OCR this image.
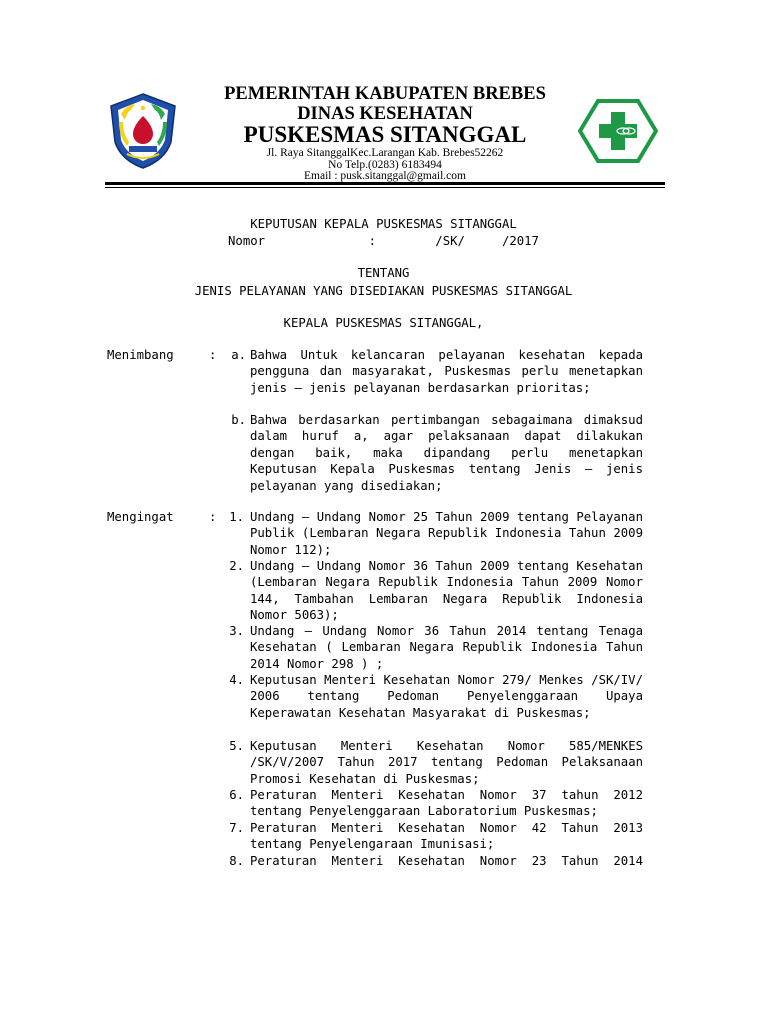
PEMERINTAH KABUPATEN BREBES
DINAS KESEHATAN
PUSKESMAS SITANGGAL
Jl. Raya SitanggalKec.Larangan Kab. Brebes52262
No Telp.(0283) 6183494
Email : pusk.sitanggal@gmail.com
KEPUTUSAN KEPALA PUSKESMAS SITANGGAL
Nomor              :        /SK/     /2017
TENTANG
JENIS PELAYANAN YANG DISEDIAKAN PUSKESMAS SITANGGAL
KEPALA PUSKESMAS SITANGGAL,
Menimbang	:	a. Bahwa Untuk kelancaran pelayanan kesehatan kepada pengguna dan masyarakat, Puskesmas perlu menetapkan jenis – jenis pelayanan berdasarkan prioritas;
b. Bahwa berdasarkan pertimbangan sebagaimana dimaksud dalam huruf a, agar pelaksanaan dapat dilakukan dengan baik, maka dipandang perlu menetapkan Keputusan Kepala Puskesmas tentang Jenis – jenis pelayanan yang disediakan;
Mengingat	:	1. Undang – Undang Nomor 25 Tahun 2009 tentang Pelayanan Publik (Lembaran Negara Republik Indonesia Tahun 2009 Nomor 112);
2. Undang – Undang Nomor 36 Tahun 2009 tentang Kesehatan (Lembaran Negara Republik Indonesia Tahun 2009 Nomor 144, Tambahan Lembaran Negara Republik Indonesia Nomor 5063);
3. Undang – Undang Nomor 36 Tahun 2014 tentang Tenaga Kesehatan ( Lembaran Negara Republik Indonesia Tahun 2014 Nomor 298 ) ;
4. Keputusan Menteri Kesehatan Nomor 279/ Menkes /SK/IV/ 2006 tentang Pedoman Penyelenggaraan Upaya Keperawatan Kesehatan Masyarakat di Puskesmas;
5. Keputusan Menteri Kesehatan Nomor 585/MENKES /SK/V/2007 Tahun 2017 tentang Pedoman Pelaksanaan Promosi Kesehatan di Puskesmas;
6. Peraturan Menteri Kesehatan Nomor 37 tahun 2012 tentang Penyelenggaraan Laboratorium Puskesmas;
7. Peraturan Menteri Kesehatan Nomor 42 Tahun 2013 tentang Penyelengaraan Imunisasi;
8. Peraturan Menteri Kesehatan Nomor 23 Tahun 2014
